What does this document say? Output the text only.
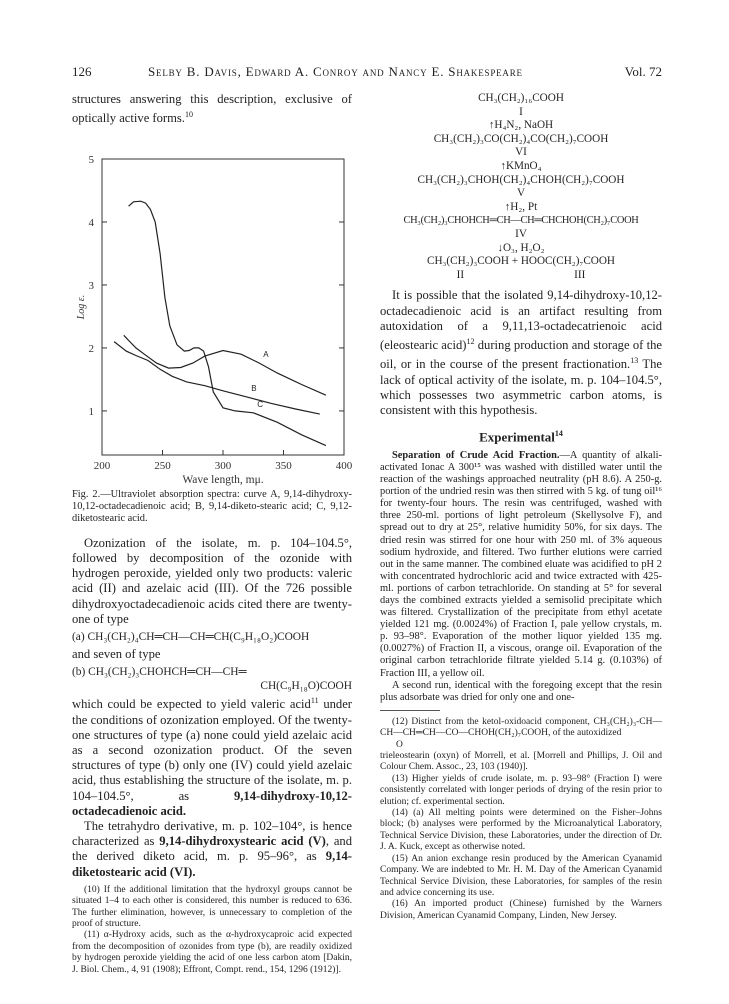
126	Selby B. Davis, Edward A. Conroy and Nancy E. Shakespeare	Vol. 72

structures answering this description, exclusive of optically active forms.$^{10}$

200	250	300	350	400
1
2
3
4
5
Log ε.
Wave length, mμ.
A
B
C

Fig. 2.—Ultraviolet absorption spectra: curve A, 9,14-dihydroxy-10,12-octadecadienoic acid; B, 9,14-diketo-stearic acid; C, 9,12-diketostearic acid.

Ozonization of the isolate, m. p. 104–104.5°, followed by decomposition of the ozonide with hydrogen peroxide, yielded only two products: valeric acid (II) and azelaic acid (III). Of the 726 possible dihydroxyoctadecadienoic acids cited there are twenty-one of type

(a) CH₃(CH₂)₄CH═CH—CH═CH(C₉H₁₈O₂)COOH

and seven of type

(b) CH₃(CH₂)₃CHOHCH═CH—CH═
CH(C₉H₁₈O)COOH

which could be expected to yield valeric acid$^{11}$ under the conditions of ozonization employed. Of the twenty-one structures of type (a) none could yield azelaic acid as a second ozonization product. Of the seven structures of type (b) only one (IV) could yield azelaic acid, thus establishing the structure of the isolate, m. p. 104–104.5°, as 9,14-dihydroxy-10,12-octadecadienoic acid.

The tetrahydro derivative, m. p. 102–104°, is hence characterized as 9,14-dihydroxystearic acid (V), and the derived diketo acid, m. p. 95–96°, as 9,14-diketostearic acid (VI).

(10) If the additional limitation that the hydroxyl groups cannot be situated 1–4 to each other is considered, this number is reduced to 636. The further elimination, however, is unnecessary to completion of the proof of structure.

(11) α-Hydroxy acids, such as the α-hydroxycaproic acid expected from the decomposition of ozonides from type (b), are readily oxidized by hydrogen peroxide yielding the acid of one less carbon atom [Dakin, J. Biol. Chem., 4, 91 (1908); Effront, Compt. rend., 154, 1296 (1912)].

CH₃(CH₂)₁₆COOH
I
↑H₄N₂, NaOH
CH₃(CH₂)₃CO(CH₂)₄CO(CH₂)₇COOH
VI
↑KMnO₄
CH₃(CH₂)₃CHOH(CH₂)₄CHOH(CH₂)₇COOH
V
↑H₂, Pt
CH₃(CH₂)₃CHOHCH═CH—CH═CHCHOH(CH₂)₇COOH
IV
↓O₃, H₂O₂
CH₃(CH₂)₃COOH + HOOC(CH₂)₇COOH
II	III

It is possible that the isolated 9,14-dihydroxy-10,12-octadecadienoic acid is an artifact resulting from autoxidation of a 9,11,13-octadecatrienoic acid (eleostearic acid)$^{12}$ during production and storage of the oil, or in the course of the present fractionation.$^{13}$ The lack of optical activity of the isolate, m. p. 104–104.5°, which possesses two asymmetric carbon atoms, is consistent with this hypothesis.

Experimental$^{14}$

Separation of Crude Acid Fraction.—A quantity of alkali-activated Ionac A 300¹⁵ was washed with distilled water until the reaction of the washings approached neutrality (pH 8.6). A 250-g. portion of the undried resin was then stirred with 5 kg. of tung oil¹⁶ for twenty-four hours. The resin was centrifuged, washed with three 250-ml. portions of light petroleum (Skellysolve F), and spread out to dry at 25°, relative humidity 50%, for six days. The dried resin was stirred for one hour with 250 ml. of 3% aqueous sodium hydroxide, and filtered. Two further elutions were carried out in the same manner. The combined eluate was acidified to pH 2 with concentrated hydrochloric acid and twice extracted with 425-ml. portions of carbon tetrachloride. On standing at 5° for several days the combined extracts yielded a semisolid precipitate which was filtered. Crystallization of the precipitate from ethyl acetate yielded 121 mg. (0.0024%) of Fraction I, pale yellow crystals, m. p. 93–98°. Evaporation of the mother liquor yielded 135 mg. (0.0027%) of Fraction II, a viscous, orange oil. Evaporation of the original carbon tetrachloride filtrate yielded 5.14 g. (0.103%) of Fraction III, a yellow oil.

A second run, identical with the foregoing except that the resin plus adsorbate was dried for only one and one-

(12) Distinct from the ketol-oxidoacid component, CH₃(CH₂)₃-CH—CH—CH═CH—CO—CHOH(CH₂)₇COOH, of the autoxidized

O

trieleostearin (oxyn) of Morrell, et al. [Morrell and Phillips, J. Oil and Colour Chem. Assoc., 23, 103 (1940)].

(13) Higher yields of crude isolate, m. p. 93–98° (Fraction I) were consistently correlated with longer periods of drying of the resin prior to elution; cf. experimental section.

(14) (a) All melting points were determined on the Fisher–Johns block; (b) analyses were performed by the Microanalytical Laboratory, Technical Service Division, these Laboratories, under the direction of Dr. J. A. Kuck, except as otherwise noted.

(15) An anion exchange resin produced by the American Cyanamid Company. We are indebted to Mr. H. M. Day of the American Cyanamid Technical Service Division, these Laboratories, for samples of the resin and advice concerning its use.

(16) An imported product (Chinese) furnished by the Warners Division, American Cyanamid Company, Linden, New Jersey.
